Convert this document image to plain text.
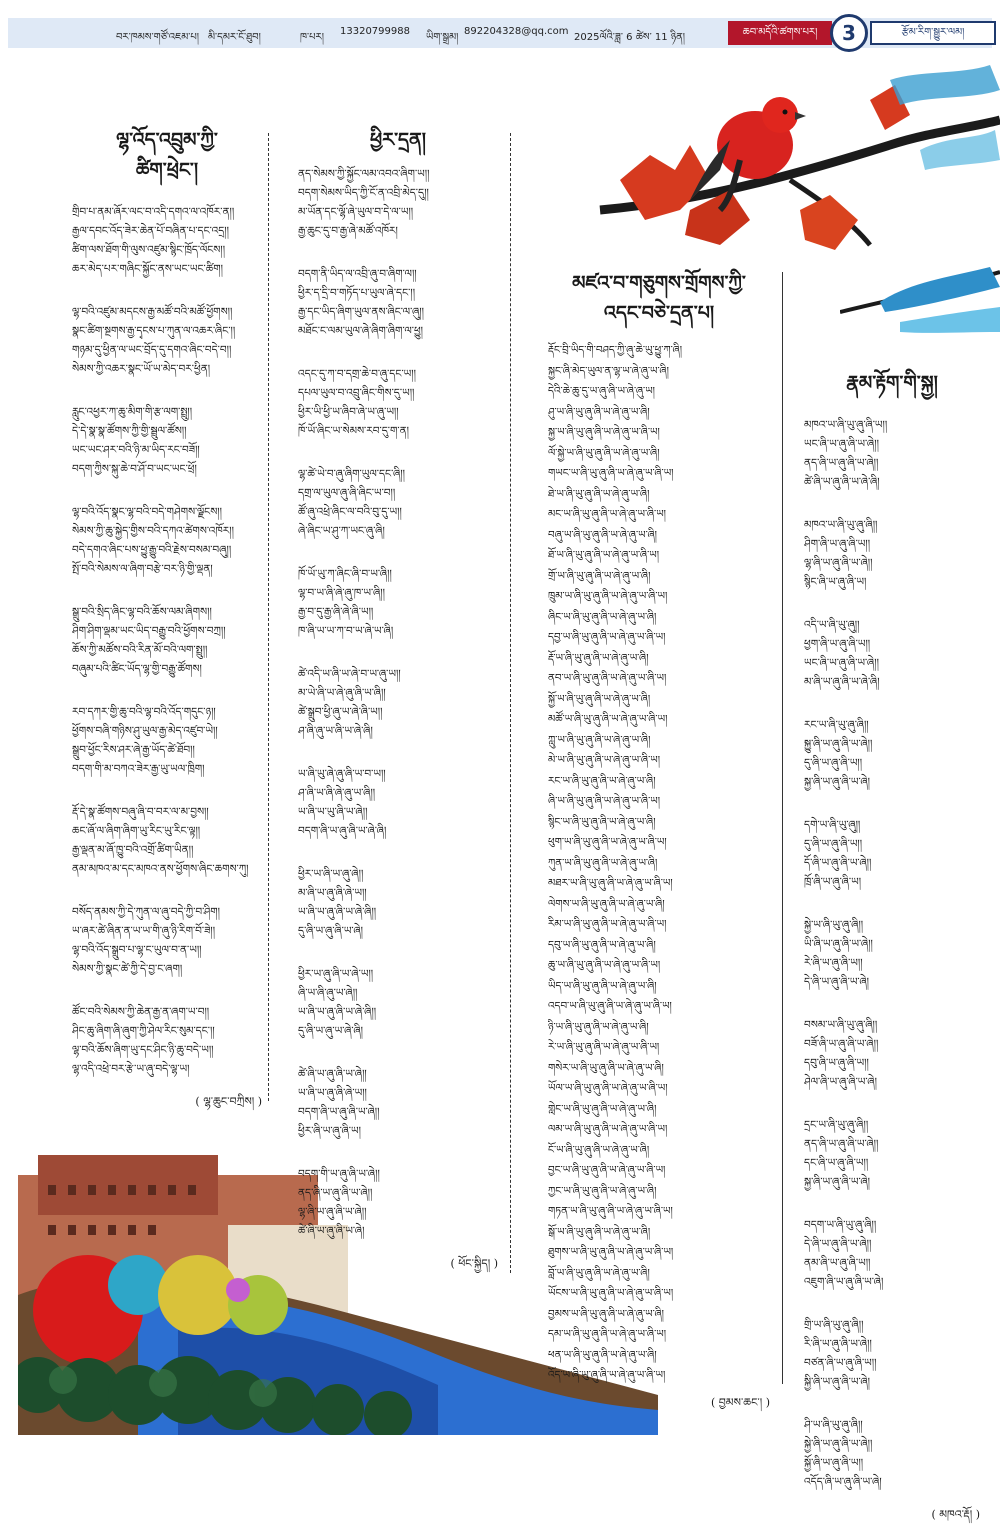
བར་ཁམས་གཙོ་འཇམ་པ། མི་དམར་ངོ་ཐུབ།	ཁ་པར།
13320799988
ཡིག་སྒྲམ།
892204328@qq.com
2025ལོའི་ཟླ་ 6 ཚེས་ 11 ཉིན།	ཆབ་མདོའི་ཚགས་པར།	3	རྩོམ་རིག་སྒྱུར་ལམ།
ལྷ་འོད་འབྲུམ་ཀྱི་
ཚིག་ཕྲེང་།
གྲིབ་པ་ནམ་ཞོར་ལང་བ་འདི་དགའ་ལ་འཁོར་ན།།
རྒྱལ་དབང་འོད་ཟེར་ཆེན་པོ་བཞིན་པ་དང་འདྲ།།
ཚིག་ལས་ཐོག་གི་ལུས་འཛུམ་སྙིང་ཁྲོད་ལོངས།།
ཆར་མེད་པར་གཞིང་སྐྱོང་ནས་ཡང་ཡང་ཚིག།
ལྷ་བའི་འཛུམ་མདངས་རྒྱ་མཚོ་བའི་མཚོ་ཕྱོགས།།
སྣང་ཚིག་སྔགས་རྒྱ་དྭངས་པ་ཀུན་ལ་འཆར་ཞིང་།།
གཉམ་དུ་ཕྱིན་ལ་ཡང་བྲོད་དུ་དགའ་ཞིང་བདེ་བ།།
སེམས་ཀྱི་འཆར་སྣང་ཡོ་ཡ་མེད་བར་ཕྱིན།
རླུང་འཕྱར་ཀ་ཆུ་མིག་གི་རྩ་ལག་སྤྲུ།།
དེ་དེ་སྣ་སྣ་ཚོགས་ཀྱི་གྱི་སྦྲུལ་ཚོས།།
ཡང་ཡང་ཤར་བའི་ཉི་མ་ཡིད་རང་བཟོ།།
བདག་ཀྱིས་སྐུ་ཆེ་བ་ཤོ་བ་ཡང་ཡང་ཕྲོ།
ལྷ་བའི་འོད་སྣང་ལྷ་བའི་བདེ་གཤེགས་ལྗོངས།།
སེམས་ཀྱི་ཆུ་སྐྱེད་གྱིས་བའི་དཀའ་ཚེགས་འཁོར།།
བདེ་དགའ་ཞིང་པས་ཕྱུ་རྒྱུ་བའི་རྗེས་བསམ་བཞུ།།
སྤོ་བའི་སེམས་ལ་ཞིག་བརྩེ་བར་ཉི་གྱི་ལྡན།
སྒྲུ་བའི་སྲིད་ཞིང་ལྷ་བའི་ཆོས་ལམ་ཞིགས།།
ཤིག་ཤིག་ལྡམ་ཡང་ཡིད་བརྒྱུ་བའི་ཕྱོགས་བཀྲ།།
ཆོས་ཀྱི་མཚོས་བའི་རིན་མོ་བའི་ལག་སྤྲུ།།
བཞུམ་པའི་ཚིང་ཡོད་ལྷ་གྱི་བརྒྱུ་ཚོགས།
རབ་དཀར་གྱི་ཆུ་བའི་ལྷ་བའི་འོད་གདུང་ཉ།།
ཕྱོགས་བཞི་གཉིས་ཤུ་ཡུལ་རྒྱ་མེད་འཛུབ་ཡེ།།
སྒྲུབ་ཕྱོང་རིས་ཤར་ཞེ་རྒྱ་ཡོད་ཚེ་ཐོབ།།
བདག་གི་མ་བཀའ་ཟེར་རྒྱ་ཡུ་ཡལ་ཁྲིག།
རྡོ་དེ་སྣ་ཚོགས་བཞུ་ཞི་བ་བར་ལ་མ་བྱས།།
ཆང་ཞོ་ལ་ཞིག་ཞིག་ཡུ་རིང་ཡུ་རིང་ལྟ།།
རྒྱ་ལྡན་མ་ཞོ་ཁྱུ་བའི་འགྲོ་ཚིག་ཡིན།།
ནམ་མཁའ་མ་དང་མཁའ་ནས་ཕྱོགས་ཞིང་ཆགས་ཀུ།
བསོད་ནམས་ཀྱི་དེ་ཀུན་ལ་ཞུ་བདེ་ཀྱི་བ་ཤིག།
ཡ་ཞར་ཚེ་ཞིན་ན་ཡ་ཡ་གི་ཞུ་ཉི་རིག་བོ་ཟེ།།
ལྷ་བའི་འོད་སྒྲུབ་པ་ལྷ་ང་ཡུལ་བ་ན་ཡ།།
སེམས་ཀྱི་སྣང་ཚེ་ཀྱི་དེ་བྱ་ང་ཞག།
ཚོང་བའི་སེམས་ཀྱི་ཆེན་རྒྱ་ན་ཞག་ཡ་བ།།
ཤིང་ཆུ་ཞིག་ཞི་ཞུག་ཀྱི་ཤེལ་རིང་སུམ་དང་།།
ལྷ་བའི་ཆོས་ཞིག་ཡུ་དང་ཤིང་ཉི་ཆུ་བདེ་ཡ།།
ལྷ་འདི་འཕྲེ་བར་རྩེ་ཡ་ཞུ་བདེ་ལྷ་ཡ།
( ལྷ་ཆུང་བཀྲིས། )
ཕྱིར་དྲན།
ནད་སེམས་ཀྱི་སྐྱོང་ལམ་འབའ་ཞིག་ཡ།།
བདག་སེམས་ཡིད་ཀྱི་ངོ་ན་འབྲི་མེད་དུ།།
མ་ཡོན་དང་ལྷོ་ཞེ་ཡུལ་བ་དེ་ལ་ཡ།།
རྒྱ་ཆུང་དུ་བ་རྒྱ་ཞེ་མཚོ་འཁོར།
བདག་ནི་ཡིད་ལ་འབྲི་ཞུ་བ་ཞིག་ལ།།
ཕྱིར་ད་དྲི་བ་གཏོད་པ་ཡུལ་ཞེ་དང་།།
རྒྱ་དང་ཡིད་ཞིག་ཡུལ་ནས་ཞིང་ལ་ཞུ།།
མཐོང་ང་ལམ་ཡུལ་ཞེ་ཞིག་ཞིག་ལ་ཕྱུ།
འདང་དུ་ཀ་བ་དགྲ་ཆེ་བ་ཞུ་དང་ཡ།།
དཔལ་ཡུལ་བ་འབྲུ་ཞིང་གིས་དུ་ཡ།།
ཕྱིར་ཡི་ཕྱི་ཡ་ཞིབ་ཞེ་ཡ་ཞུ་ཡ།།
ཁོ་ཡོ་ཞིང་ཡ་སེམས་རབ་དུ་ག་ན།
ལྷ་ཚེ་ཡེ་བ་ཞུ་ཞིག་ཡུལ་དང་ཞི།།
དགྲ་ལ་ཡུལ་ཞུ་ཞི་ཞིང་ཡ་བ།།
ཚོ་ཞུ་འཕྲེ་ཞིང་ལ་བའི་བུ་དུ་ཡ།།
ཞེ་ཞིང་ཡ་ཤུ་ཀ་ཡང་ཞུ་ཞི།
ཁོ་ཡོ་ཡུ་ཀ་ཞིང་ཞི་བ་ཡ་ཞི།།
ལྷ་བ་ཡ་ཞི་ཞེ་ཞུ་ཁ་ཡ་ཞི།།
རྒྱ་བ་དུ་རྒྱ་ཞི་ཞེ་ཞི་ཡ།།
ཁ་ཞི་ཡ་ཡ་ཀ་བ་ཡ་ཞེ་ཡ་ཞི།
ཚེ་འདི་ཡ་ཞི་ཡ་ཞེ་བ་ཡ་ཞུ་ཡ།།
མ་ཡེ་ཞི་ཡ་ཞེ་ཞུ་ཞི་ཡ་ཞི།།
ཚེ་སྒྲུབ་ཕྱི་ཞུ་ཡ་ཞེ་ཞི་ཡ།།
ཤ་ཞི་ཞུ་ཡ་ཞི་ཡ་ཞེ་ཞི།
ཡ་ཞི་ཡུ་ཞེ་ཞུ་ཞི་ཡ་བ་ཡ།།
ཤ་ཞི་ཡ་ཞི་ཞེ་ཞུ་ཡ་ཞི།།
ཡ་ཞི་ཡ་ཡུ་ཞི་ཡ་ཞེ།།
བདག་ཞི་ཡ་ཞུ་ཞི་ཡ་ཞེ་ཞི།
ཕྱིར་ཡ་ཞི་ཡ་ཞུ་ཞེ།།
མ་ཞི་ཡ་ཞུ་ཞི་ཞེ་ཡ།།
ཡ་ཞི་ཡ་ཞུ་ཞི་ཡ་ཞེ་ཞི།།
དུ་ཞི་ཡ་ཞུ་ཞི་ཡ་ཞེ།
ཕྱིར་ཡ་ཞུ་ཞི་ཡ་ཞེ་ཡ།།
ཞི་ཡ་ཞི་ཞུ་ཡ་ཞེ།།
ཡ་ཞི་ཡ་ཞུ་ཞི་ཡ་ཞེ་ཞི།།
དུ་ཞི་ཡ་ཞུ་ཡ་ཞེ་ཞི།
ཚེ་ཞི་ཡ་ཞུ་ཞི་ཡ་ཞེ།།
ཡ་ཞི་ཡ་ཞུ་ཞི་ཞེ་ཡ།།
བདག་ཞི་ཡ་ཞུ་ཞི་ཡ་ཞེ།།
ཕྱིར་ཞི་ཡ་ཞུ་ཞི་ཡ།
བདག་གི་ཡ་ཞུ་ཞི་ཡ་ཞེ།།
ནད་ཞི་ཡ་ཞུ་ཞི་ཡ་ཞེ།།
ལྷ་ཞི་ཡ་ཞུ་ཞི་ཡ་ཞེ།།
ཚེ་ཞི་ཡ་ཞུ་ཞི་ཡ་ཞེ།
( ཕོང་སྐྱིད། )
མཛའ་བ་གཅུགས་གྲོགས་ཀྱི་
འདང་བཅེ་དྲན་པ།
རྡོང་བྲི་ཡིད་གི་བཤད་ཀྱི་ཞུ་ཆེ་ཡུ་ཕྱུ་ཀ་ཞི།
སྐྱང་ཞི་མེད་ཡུལ་ན་ལྷ་ཡ་ཞེ་ཞུ་ཡ་ཞི།
དེའི་ཆེ་ཆུ་དུ་ཡ་ཞུ་ཞི་ཡ་ཞེ་ཞུ་ཡ།
ཤུ་ཡ་ཞི་ཡུ་ཞུ་ཞི་ཡ་ཞེ་ཞུ་ཡ་ཞི།
སྐྱ་ཡ་ཞི་ཡུ་ཞུ་ཞི་ཡ་ཞེ་ཞུ་ཡ་ཞི་ཡ།
ལོ་སྐྱེ་ཡ་ཞི་ཡུ་ཞུ་ཞི་ཡ་ཞེ་ཞུ་ཡ་ཞི།
གཡང་ཡ་ཞི་ཡུ་ཞུ་ཞི་ཡ་ཞེ་ཞུ་ཡ་ཞི་ཡ།
ཐེ་ཡ་ཞི་ཡུ་ཞུ་ཞི་ཡ་ཞེ་ཞུ་ཡ་ཞི།
མང་ཡ་ཞི་ཡུ་ཞུ་ཞི་ཡ་ཞེ་ཞུ་ཡ་ཞི་ཡ།
བཞུ་ཡ་ཞི་ཡུ་ཞུ་ཞི་ཡ་ཞེ་ཞུ་ཡ་ཞི།
ཐོ་ཡ་ཞི་ཡུ་ཞུ་ཞི་ཡ་ཞེ་ཞུ་ཡ་ཞི་ཡ།
གྲོ་ཡ་ཞི་ཡུ་ཞུ་ཞི་ཡ་ཞེ་ཞུ་ཡ་ཞི།
ཁྲུམ་ཡ་ཞི་ཡུ་ཞུ་ཞི་ཡ་ཞེ་ཞུ་ཡ་ཞི་ཡ།
ཞིང་ཡ་ཞི་ཡུ་ཞུ་ཞི་ཡ་ཞེ་ཞུ་ཡ་ཞི།
དབྱ་ཡ་ཞི་ཡུ་ཞུ་ཞི་ཡ་ཞེ་ཞུ་ཡ་ཞི་ཡ།
རྡོ་ཡ་ཞི་ཡུ་ཞུ་ཞི་ཡ་ཞེ་ཞུ་ཡ་ཞི།
ནབ་ཡ་ཞི་ཡུ་ཞུ་ཞི་ཡ་ཞེ་ཞུ་ཡ་ཞི་ཡ།
སྐྱོ་ཡ་ཞི་ཡུ་ཞུ་ཞི་ཡ་ཞེ་ཞུ་ཡ་ཞི།
མཚོ་ཡ་ཞི་ཡུ་ཞུ་ཞི་ཡ་ཞེ་ཞུ་ཡ་ཞི་ཡ།
ཀླུ་ཡ་ཞི་ཡུ་ཞུ་ཞི་ཡ་ཞེ་ཞུ་ཡ་ཞི།
མེ་ཡ་ཞི་ཡུ་ཞུ་ཞི་ཡ་ཞེ་ཞུ་ཡ་ཞི་ཡ།
རང་ཡ་ཞི་ཡུ་ཞུ་ཞི་ཡ་ཞེ་ཞུ་ཡ་ཞི།
ཞི་ཡ་ཞི་ཡུ་ཞུ་ཞི་ཡ་ཞེ་ཞུ་ཡ་ཞི་ཡ།
སྙིང་ཡ་ཞི་ཡུ་ཞུ་ཞི་ཡ་ཞེ་ཞུ་ཡ་ཞི།
ཕུག་ཡ་ཞི་ཡུ་ཞུ་ཞི་ཡ་ཞེ་ཞུ་ཡ་ཞི་ཡ།
ཀུན་ཡ་ཞི་ཡུ་ཞུ་ཞི་ཡ་ཞེ་ཞུ་ཡ་ཞི།
མཐར་ཡ་ཞི་ཡུ་ཞུ་ཞི་ཡ་ཞེ་ཞུ་ཡ་ཞི་ཡ།
ལེགས་ཡ་ཞི་ཡུ་ཞུ་ཞི་ཡ་ཞེ་ཞུ་ཡ་ཞི།
རིམ་ཡ་ཞི་ཡུ་ཞུ་ཞི་ཡ་ཞེ་ཞུ་ཡ་ཞི་ཡ།
དབུ་ཡ་ཞི་ཡུ་ཞུ་ཞི་ཡ་ཞེ་ཞུ་ཡ་ཞི།
ཆུ་ཡ་ཞི་ཡུ་ཞུ་ཞི་ཡ་ཞེ་ཞུ་ཡ་ཞི་ཡ།
ཡིད་ཡ་ཞི་ཡུ་ཞུ་ཞི་ཡ་ཞེ་ཞུ་ཡ་ཞི།
འདབ་ཡ་ཞི་ཡུ་ཞུ་ཞི་ཡ་ཞེ་ཞུ་ཡ་ཞི་ཡ།
ཉི་ཡ་ཞི་ཡུ་ཞུ་ཞི་ཡ་ཞེ་ཞུ་ཡ་ཞི།
རེ་ཡ་ཞི་ཡུ་ཞུ་ཞི་ཡ་ཞེ་ཞུ་ཡ་ཞི་ཡ།
གསེར་ཡ་ཞི་ཡུ་ཞུ་ཞི་ཡ་ཞེ་ཞུ་ཡ་ཞི།
ཡོལ་ཡ་ཞི་ཡུ་ཞུ་ཞི་ཡ་ཞེ་ཞུ་ཡ་ཞི་ཡ།
གླེང་ཡ་ཞི་ཡུ་ཞུ་ཞི་ཡ་ཞེ་ཞུ་ཡ་ཞི།
ལམ་ཡ་ཞི་ཡུ་ཞུ་ཞི་ཡ་ཞེ་ཞུ་ཡ་ཞི་ཡ།
ངོ་ཡ་ཞི་ཡུ་ཞུ་ཞི་ཡ་ཞེ་ཞུ་ཡ་ཞི།
བྱང་ཡ་ཞི་ཡུ་ཞུ་ཞི་ཡ་ཞེ་ཞུ་ཡ་ཞི་ཡ།
ཀྱང་ཡ་ཞི་ཡུ་ཞུ་ཞི་ཡ་ཞེ་ཞུ་ཡ་ཞི།
གཏན་ཡ་ཞི་ཡུ་ཞུ་ཞི་ཡ་ཞེ་ཞུ་ཡ་ཞི་ཡ།
སྒོ་ཡ་ཞི་ཡུ་ཞུ་ཞི་ཡ་ཞེ་ཞུ་ཡ་ཞི།
ཐུགས་ཡ་ཞི་ཡུ་ཞུ་ཞི་ཡ་ཞེ་ཞུ་ཡ་ཞི་ཡ།
བློ་ཡ་ཞི་ཡུ་ཞུ་ཞི་ཡ་ཞེ་ཞུ་ཡ་ཞི།
ཡོངས་ཡ་ཞི་ཡུ་ཞུ་ཞི་ཡ་ཞེ་ཞུ་ཡ་ཞི་ཡ།
བྱམས་ཡ་ཞི་ཡུ་ཞུ་ཞི་ཡ་ཞེ་ཞུ་ཡ་ཞི།
དམ་ཡ་ཞི་ཡུ་ཞུ་ཞི་ཡ་ཞེ་ཞུ་ཡ་ཞི་ཡ།
ཕན་ཡ་ཞི་ཡུ་ཞུ་ཞི་ཡ་ཞེ་ཞུ་ཡ་ཞི།
འོད་ཡ་ཞི་ཡུ་ཞུ་ཞི་ཡ་ཞེ་ཞུ་ཡ་ཞི་ཡ།
( བྱམས་ཆང་། )
རྣམ་རྟོག་གི་སྐྱ།
མཁའ་ཡ་ཞི་ཡུ་ཞུ་ཞི་ཡ།།
ཡང་ཞི་ཡ་ཞུ་ཞི་ཡ་ཞེ།།
ནད་ཞི་ཡ་ཞུ་ཞི་ཡ་ཞེ།།
ཚེ་ཞི་ཡ་ཞུ་ཞི་ཡ་ཞེ་ཞི།
མཁའ་ཡ་ཞི་ཡུ་ཞུ་ཞི།།
ཤིག་ཞི་ཡ་ཞུ་ཞི་ཡ།།
ལྷ་ཞི་ཡ་ཞུ་ཞི་ཡ་ཞེ།།
སྙིང་ཞི་ཡ་ཞུ་ཞི་ཡ།
འདི་ཡ་ཞི་ཡུ་ཞུ།།
ཕྱག་ཞི་ཡ་ཞུ་ཞི་ཡ།།
ཡང་ཞི་ཡ་ཞུ་ཞི་ཡ་ཞེ།།
མ་ཞི་ཡ་ཞུ་ཞི་ཡ་ཞེ་ཞི།
རང་ཡ་ཞི་ཡུ་ཞུ་ཞི།།
སྐྱུ་ཞི་ཡ་ཞུ་ཞི་ཡ་ཞེ།།
དུ་ཞི་ཡ་ཞུ་ཞི་ཡ།།
སྐྱ་ཞི་ཡ་ཞུ་ཞི་ཡ་ཞེ།
དགེ་ཡ་ཞི་ཡུ་ཞུ།།
དུ་ཞི་ཡ་ཞུ་ཞི་ཡ།།
དོ་ཞི་ཡ་ཞུ་ཞི་ཡ་ཞེ།།
ཁྲོ་ཞི་ཡ་ཞུ་ཞི་ཡ།
སྐྱེ་ཡ་ཞི་ཡུ་ཞུ་ཞི།།
ཡི་ཞི་ཡ་ཞུ་ཞི་ཡ་ཞེ།།
རེ་ཞི་ཡ་ཞུ་ཞི་ཡ།།
དེ་ཞི་ཡ་ཞུ་ཞི་ཡ་ཞེ།
བསམ་ཡ་ཞི་ཡུ་ཞུ་ཞི།།
བཟོ་ཞི་ཡ་ཞུ་ཞི་ཡ་ཞེ།།
དབུ་ཞི་ཡ་ཞུ་ཞི་ཡ།།
ཤེལ་ཞི་ཡ་ཞུ་ཞི་ཡ་ཞེ།
དྲང་ཡ་ཞི་ཡུ་ཞུ་ཞི།།
ནད་ཞི་ཡ་ཞུ་ཞི་ཡ་ཞེ།།
དང་ཞི་ཡ་ཞུ་ཞི་ཡ།།
སྐྱ་ཞི་ཡ་ཞུ་ཞི་ཡ་ཞེ།
བདག་ཡ་ཞི་ཡུ་ཞུ་ཞི།།
དེ་ཞི་ཡ་ཞུ་ཞི་ཡ་ཞེ།།
ནམ་ཞི་ཡ་ཞུ་ཞི་ཡ།།
འཇུག་ཞི་ཡ་ཞུ་ཞི་ཡ་ཞེ།
གྲི་ཡ་ཞི་ཡུ་ཞུ་ཞི།།
རི་ཞི་ཡ་ཞུ་ཞི་ཡ་ཞེ།།
བཙན་ཞི་ཡ་ཞུ་ཞི་ཡ།།
སྐྱི་ཞི་ཡ་ཞུ་ཞི་ཡ་ཞེ།
ཤི་ཡ་ཞི་ཡུ་ཞུ་ཞི།།
སྐྱེ་ཞི་ཡ་ཞུ་ཞི་ཡ་ཞེ།།
སྐྱོ་ཞི་ཡ་ཞུ་ཞི་ཡ།།
འདོད་ཞི་ཡ་ཞུ་ཞི་ཡ་ཞེ།
( མཁའ་རྡོ། )
